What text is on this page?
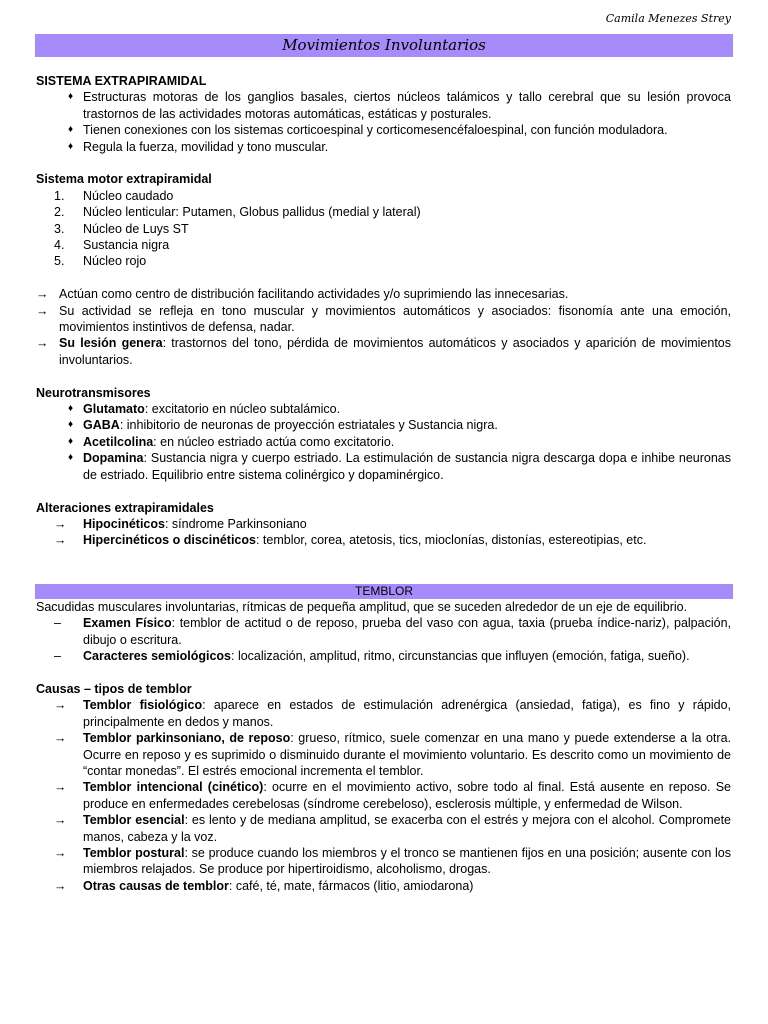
Camila Menezes Strey
Movimientos Involuntarios
SISTEMA EXTRAPIRAMIDAL
♦ Estructuras motoras de los ganglios basales, ciertos núcleos talámicos y tallo cerebral que su lesión provoca trastornos de las actividades motoras automáticas, estáticas y posturales.
♦ Tienen conexiones con los sistemas corticoespinal y corticomesencéfaloespinal, con función moduladora.
♦ Regula la fuerza, movilidad y tono muscular.
Sistema motor extrapiramidal
1.	Núcleo caudado
2.	Núcleo lenticular: Putamen, Globus pallidus (medial y lateral)
3.	Núcleo de Luys ST
4.	Sustancia nigra
5.	Núcleo rojo
→ Actúan como centro de distribución facilitando actividades y/o suprimiendo las innecesarias.
→ Su actividad se refleja en tono muscular y movimientos automáticos y asociados: fisonomía ante una emoción, movimientos instintivos de defensa, nadar.
→ Su lesión genera: trastornos del tono, pérdida de movimientos automáticos y asociados y aparición de movimientos involuntarios.
Neurotransmisores
♦ Glutamato: excitatorio en núcleo subtalámico.
♦ GABA: inhibitorio de neuronas de proyección estriatales y Sustancia nigra.
♦ Acetilcolina: en núcleo estriado actúa como excitatorio.
♦ Dopamina: Sustancia nigra y cuerpo estriado. La estimulación de sustancia nigra descarga dopa e inhibe neuronas de estriado. Equilibrio entre sistema colinérgico y dopaminérgico.
Alteraciones extrapiramidales
→	Hipocinéticos: síndrome Parkinsoniano
→	Hipercinéticos o discinéticos: temblor, corea, atetosis, tics, mioclonías, distonías, estereotipias, etc.
TEMBLOR
Sacudidas musculares involuntarias, rítmicas de pequeña amplitud, que se suceden alrededor de un eje de equilibrio.
–	Examen Físico: temblor de actitud o de reposo, prueba del vaso con agua, taxia (prueba índice-nariz), palpación, dibujo o escritura.
–	Caracteres semiológicos: localización, amplitud, ritmo, circunstancias que influyen (emoción, fatiga, sueño).
Causas – tipos de temblor
→	Temblor fisiológico: aparece en estados de estimulación adrenérgica (ansiedad, fatiga), es fino y rápido, principalmente en dedos y manos.
→	Temblor parkinsoniano, de reposo: grueso, rítmico, suele comenzar en una mano y puede extenderse a la otra. Ocurre en reposo y es suprimido o disminuido durante el movimiento voluntario. Es descrito como un movimiento de “contar monedas”. El estrés emocional incrementa el temblor.
→	Temblor intencional (cinético): ocurre en el movimiento activo, sobre todo al final. Está ausente en reposo. Se produce en enfermedades cerebelosas (síndrome cerebeloso), esclerosis múltiple, y enfermedad de Wilson.
→	Temblor esencial: es lento y de mediana amplitud, se exacerba con el estrés y mejora con el alcohol. Compromete manos, cabeza y la voz.
→	Temblor postural: se produce cuando los miembros y el tronco se mantienen fijos en una posición; ausente con los miembros relajados. Se produce por hipertiroidismo, alcoholismo, drogas.
→	Otras causas de temblor: café, té, mate, fármacos (litio, amiodarona)
